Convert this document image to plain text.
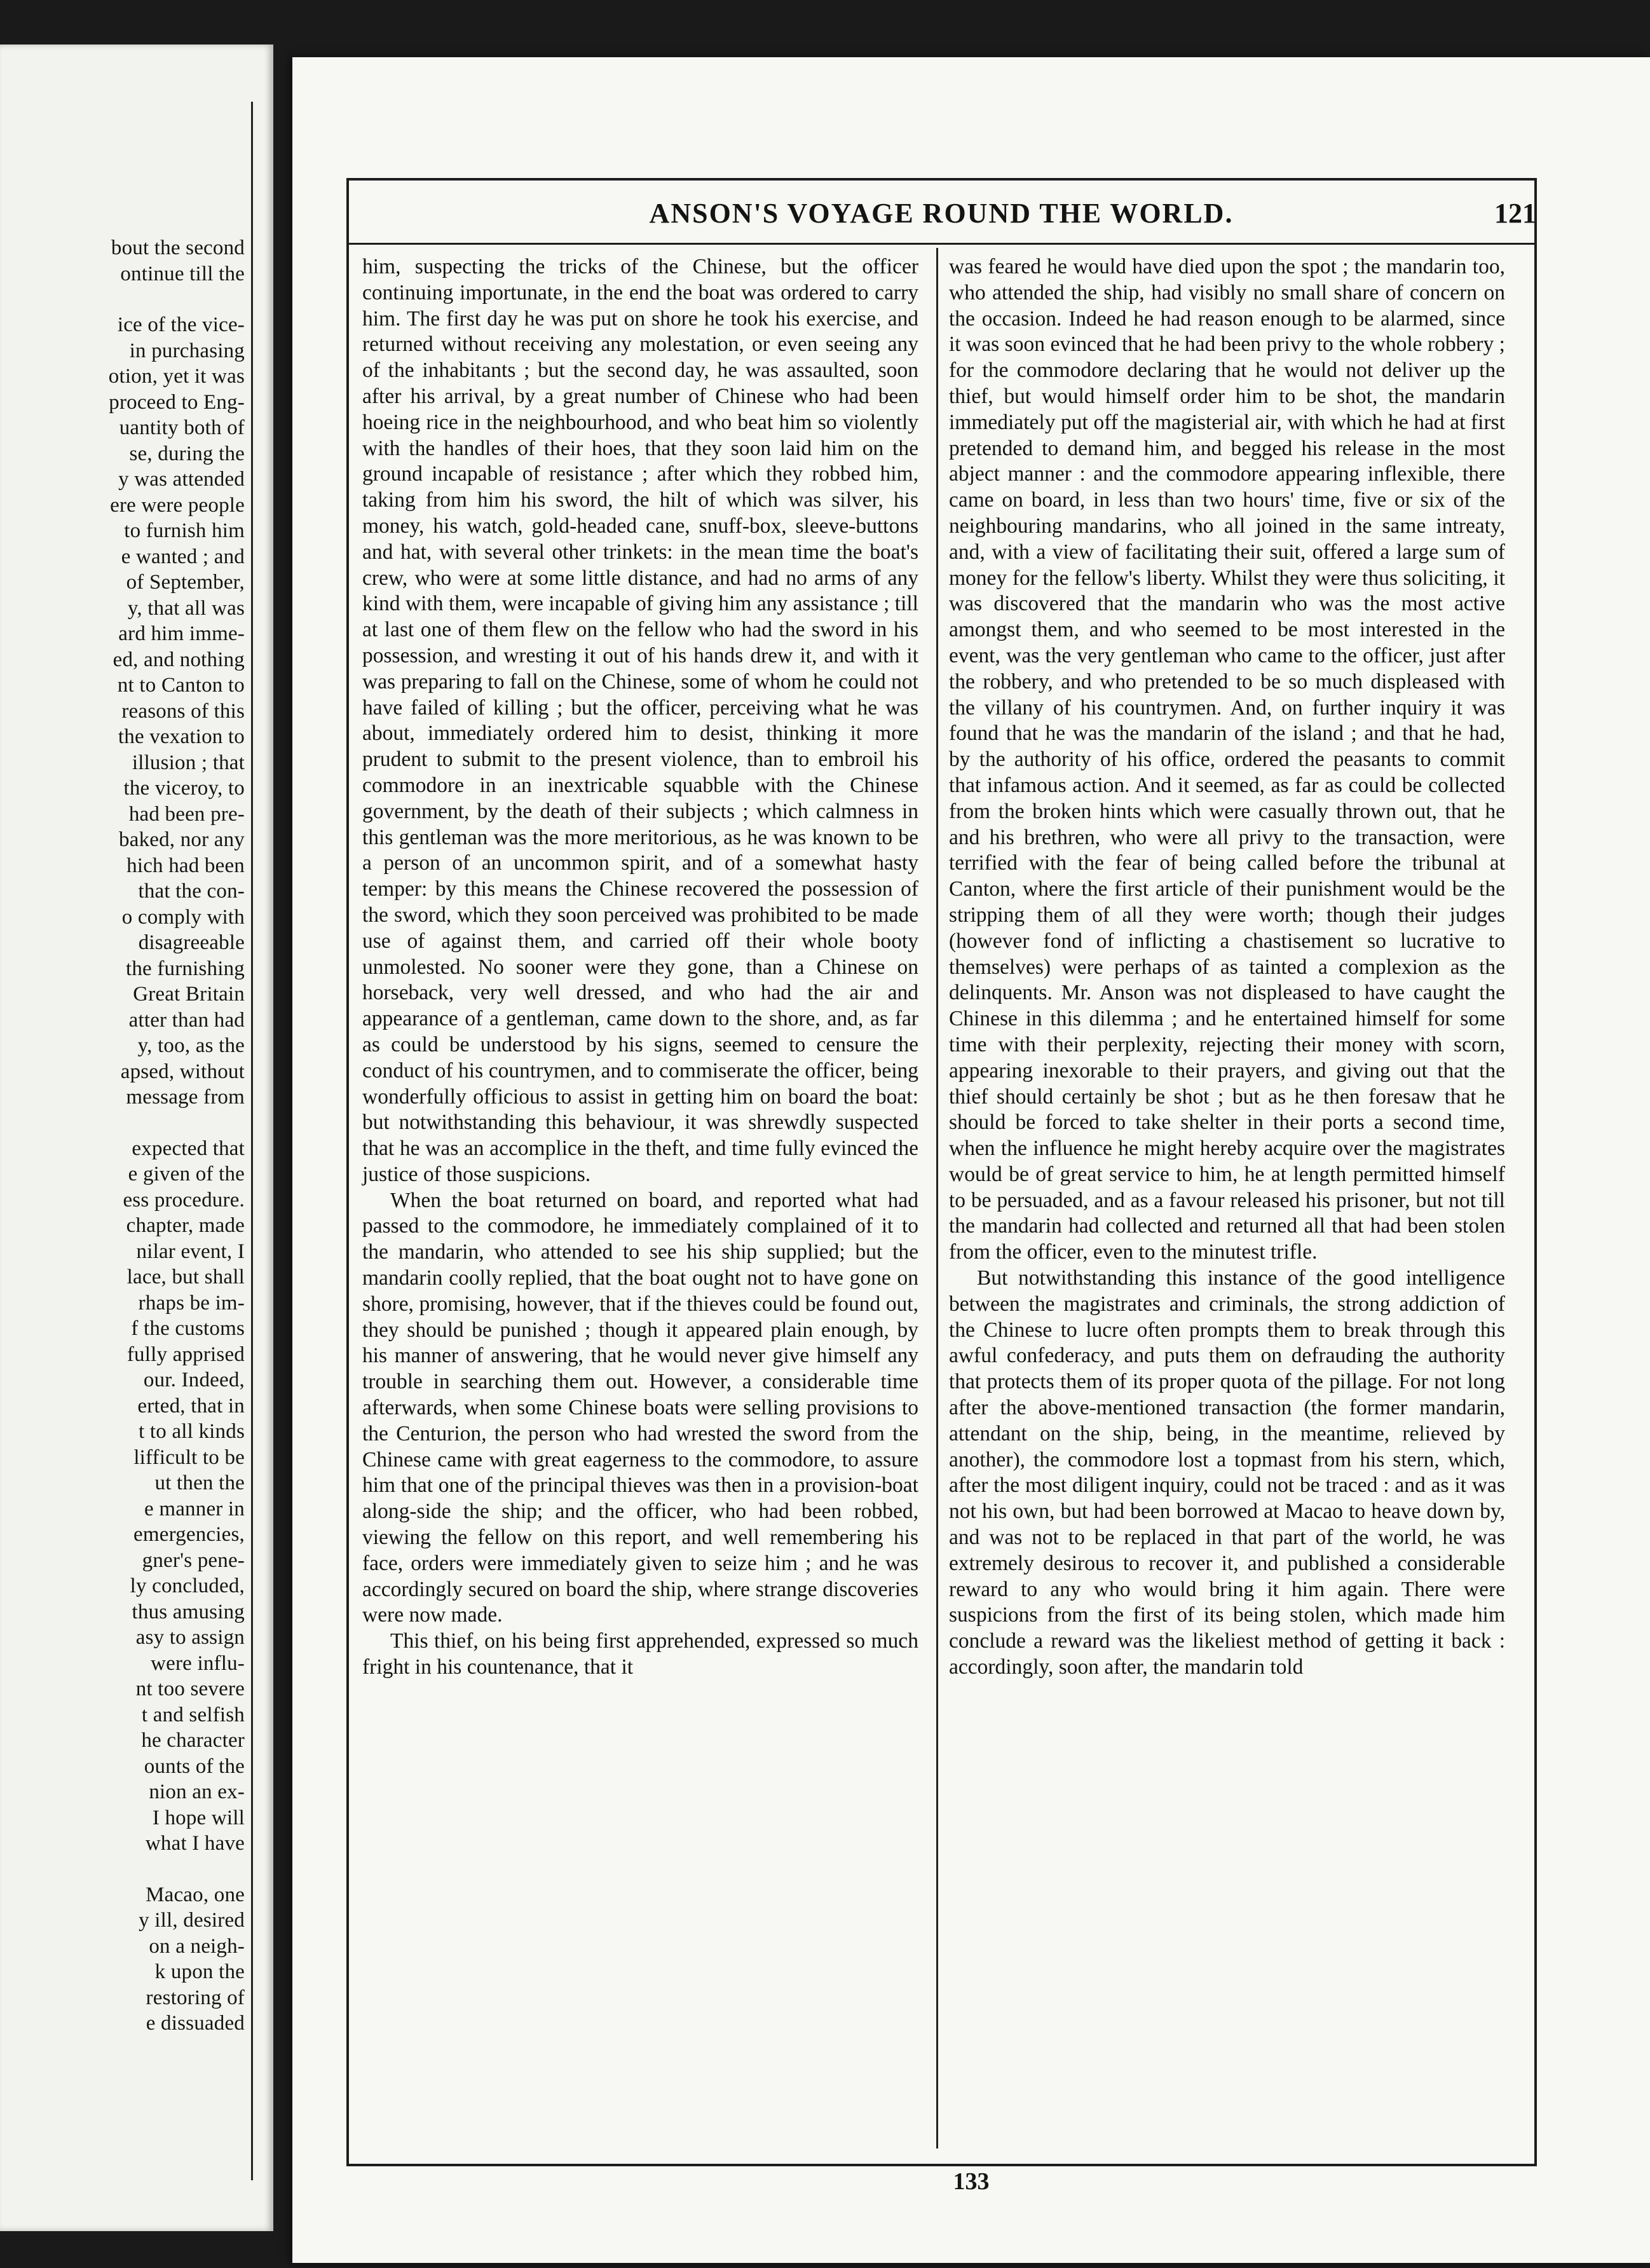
bout the second
ontinue till the
ice of the vice-
in purchasing
otion, yet it was
proceed to Eng-
uantity both of
se, during the
y was attended
ere were people
to furnish him
e wanted ; and
of September,
y, that all was
ard him imme-
ed, and nothing
nt to Canton to
reasons of this
the vexation to
illusion ; that
the viceroy, to
had been pre-
baked, nor any
hich had been
that the con-
o comply with
disagreeable
the furnishing
Great Britain
atter than had
y, too, as the
apsed, without
message from
expected that
e given of the
ess procedure.
chapter, made
nilar event, I
lace, but shall
rhaps be im-
f the customs
fully apprised
our. Indeed,
erted, that in
t to all kinds
lifficult to be
ut then the
e manner in
emergencies,
gner's pene-
ly concluded,
thus amusing
asy to assign
were influ-
nt too severe
t and selfish
he character
ounts of the
nion an ex-
I hope will
what I have
Macao, one
y ill, desired
on a neigh-
k upon the
restoring of
e dissuaded
ANSON'S VOYAGE ROUND THE WORLD.	121

him, suspecting the tricks of the Chinese, but the officer continuing importunate, in the end the boat was ordered to carry him. The first day he was put on shore he took his exercise, and returned without receiving any molestation, or even seeing any of the inhabitants ; but the second day, he was assaulted, soon after his arrival, by a great number of Chinese who had been hoeing rice in the neighbourhood, and who beat him so violently with the handles of their hoes, that they soon laid him on the ground incapable of resistance ; after which they robbed him, taking from him his sword, the hilt of which was silver, his money, his watch, gold-headed cane, snuff-box, sleeve-buttons and hat, with several other trinkets: in the mean time the boat's crew, who were at some little distance, and had no arms of any kind with them, were incapable of giving him any assistance ; till at last one of them flew on the fellow who had the sword in his possession, and wresting it out of his hands drew it, and with it was preparing to fall on the Chinese, some of whom he could not have failed of killing ; but the officer, perceiving what he was about, immediately ordered him to desist, thinking it more prudent to submit to the present violence, than to embroil his commodore in an inextricable squabble with the Chinese government, by the death of their subjects ; which calmness in this gentleman was the more meritorious, as he was known to be a person of an uncommon spirit, and of a somewhat hasty temper: by this means the Chinese recovered the possession of the sword, which they soon perceived was prohibited to be made use of against them, and carried off their whole booty unmolested. No sooner were they gone, than a Chinese on horseback, very well dressed, and who had the air and appearance of a gentleman, came down to the shore, and, as far as could be understood by his signs, seemed to censure the conduct of his countrymen, and to commiserate the officer, being wonderfully officious to assist in getting him on board the boat: but notwithstanding this behaviour, it was shrewdly suspected that he was an accomplice in the theft, and time fully evinced the justice of those suspicions.

When the boat returned on board, and reported what had passed to the commodore, he immediately complained of it to the mandarin, who attended to see his ship supplied; but the mandarin coolly replied, that the boat ought not to have gone on shore, promising, however, that if the thieves could be found out, they should be punished ; though it appeared plain enough, by his manner of answering, that he would never give himself any trouble in searching them out. However, a considerable time afterwards, when some Chinese boats were selling provisions to the Centurion, the person who had wrested the sword from the Chinese came with great eagerness to the commodore, to assure him that one of the principal thieves was then in a provision-boat along-side the ship; and the officer, who had been robbed, viewing the fellow on this report, and well remembering his face, orders were immediately given to seize him ; and he was accordingly secured on board the ship, where strange discoveries were now made.

This thief, on his being first apprehended, expressed so much fright in his countenance, that it

was feared he would have died upon the spot ; the mandarin too, who attended the ship, had visibly no small share of concern on the occasion. Indeed he had reason enough to be alarmed, since it was soon evinced that he had been privy to the whole robbery ; for the commodore declaring that he would not deliver up the thief, but would himself order him to be shot, the mandarin immediately put off the magisterial air, with which he had at first pretended to demand him, and begged his release in the most abject manner : and the commodore appearing inflexible, there came on board, in less than two hours' time, five or six of the neighbouring mandarins, who all joined in the same intreaty, and, with a view of facilitating their suit, offered a large sum of money for the fellow's liberty. Whilst they were thus soliciting, it was discovered that the mandarin who was the most active amongst them, and who seemed to be most interested in the event, was the very gentleman who came to the officer, just after the robbery, and who pretended to be so much displeased with the villany of his countrymen. And, on further inquiry it was found that he was the mandarin of the island ; and that he had, by the authority of his office, ordered the peasants to commit that infamous action. And it seemed, as far as could be collected from the broken hints which were casually thrown out, that he and his brethren, who were all privy to the transaction, were terrified with the fear of being called before the tribunal at Canton, where the first article of their punishment would be the stripping them of all they were worth; though their judges (however fond of inflicting a chastisement so lucrative to themselves) were perhaps of as tainted a complexion as the delinquents. Mr. Anson was not displeased to have caught the Chinese in this dilemma ; and he entertained himself for some time with their perplexity, rejecting their money with scorn, appearing inexorable to their prayers, and giving out that the thief should certainly be shot ; but as he then foresaw that he should be forced to take shelter in their ports a second time, when the influence he might hereby acquire over the magistrates would be of great service to him, he at length permitted himself to be persuaded, and as a favour released his prisoner, but not till the mandarin had collected and returned all that had been stolen from the officer, even to the minutest trifle.

But notwithstanding this instance of the good intelligence between the magistrates and criminals, the strong addiction of the Chinese to lucre often prompts them to break through this awful confederacy, and puts them on defrauding the authority that protects them of its proper quota of the pillage. For not long after the above-mentioned transaction (the former mandarin, attendant on the ship, being, in the meantime, relieved by another), the commodore lost a topmast from his stern, which, after the most diligent inquiry, could not be traced : and as it was not his own, but had been borrowed at Macao to heave down by, and was not to be replaced in that part of the world, he was extremely desirous to recover it, and published a considerable reward to any who would bring it him again. There were suspicions from the first of its being stolen, which made him conclude a reward was the likeliest method of getting it back : accordingly, soon after, the mandarin told

133
